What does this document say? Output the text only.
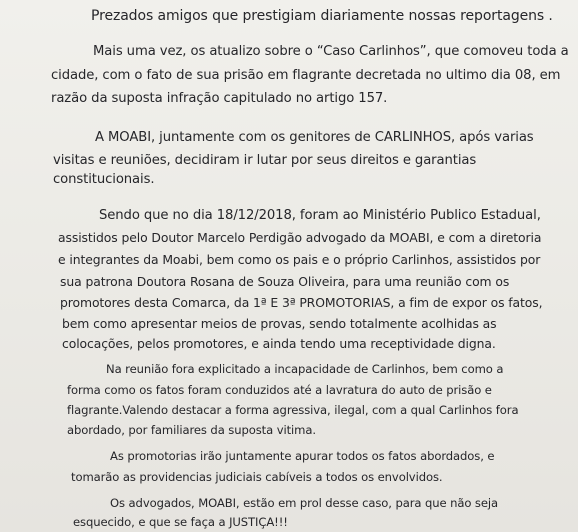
Prezados amigos que prestigiam diariamente nossas reportagens .
Mais uma vez, os atualizo sobre o “Caso Carlinhos”, que comoveu toda a
cidade, com o fato de sua prisão em flagrante decretada no ultimo dia 08, em
razão da suposta infração capitulado no artigo 157.
A MOABI, juntamente com os genitores de CARLINHOS, após varias
visitas e reuniões, decidiram ir lutar por seus direitos e garantias
constitucionais.
Sendo que no dia 18/12/2018, foram ao Ministério Publico Estadual,
assistidos pelo Doutor Marcelo Perdigão advogado da MOABI, e com a diretoria
e integrantes da Moabi, bem como os pais e o próprio Carlinhos, assistidos por
sua patrona Doutora Rosana de Souza Oliveira, para uma reunião com os
promotores desta Comarca, da 1ª E 3ª PROMOTORIAS, a fim de expor os fatos,
bem como apresentar meios de provas, sendo totalmente acolhidas as
colocações, pelos promotores, e ainda tendo uma receptividade digna.
Na reunião fora explicitado a incapacidade de Carlinhos, bem como a
forma como os fatos foram conduzidos até a lavratura do auto de prisão e
flagrante.Valendo destacar a forma agressiva, ilegal, com a qual Carlinhos fora
abordado, por familiares da suposta vitima.
As promotorias irão juntamente apurar todos os fatos abordados, e
tomarão as providencias judiciais cabíveis a todos os envolvidos.
Os advogados, MOABI, estão em prol desse caso, para que não seja
esquecido, e que se faça a JUSTIÇA!!!
